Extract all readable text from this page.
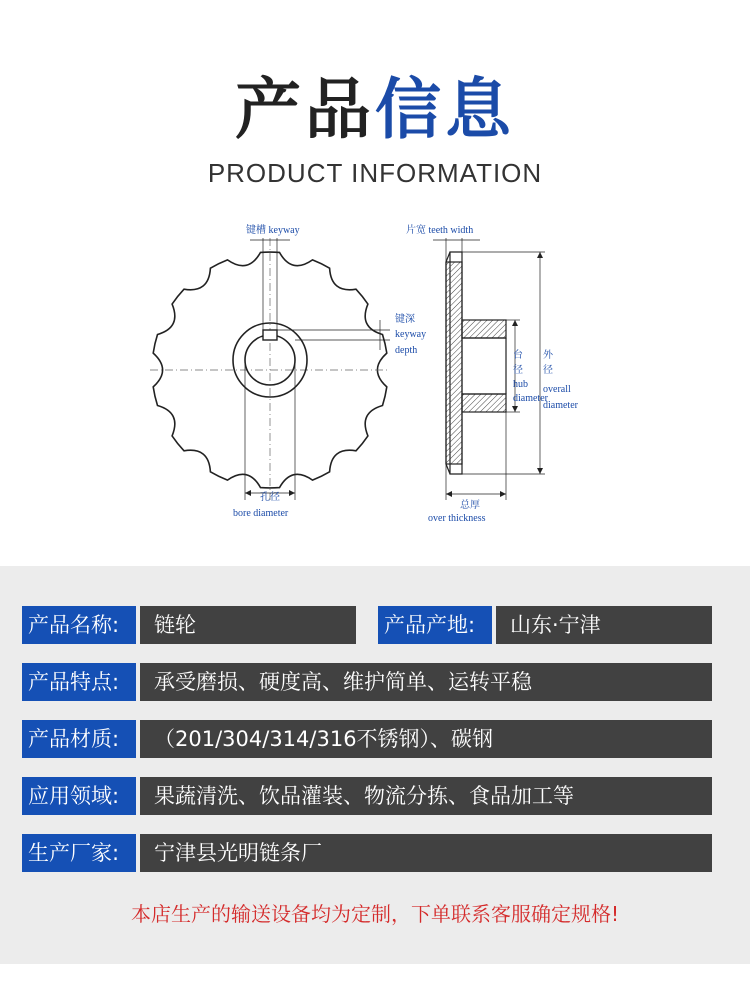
产品信息
PRODUCT INFORMATION
键槽 keyway
键深
keyway
depth
孔径
bore diameter
片宽 teeth width
台
径
hub
diameter
外
径
overall
diameter
总厚
over thickness
产品名称:	链轮	产品产地:	山东·宁津
产品特点:	承受磨损、硬度高、维护简单、运转平稳
产品材质:	（201/304/314/316不锈钢）、碳钢
应用领域:	果蔬清洗、饮品灌装、物流分拣、食品加工等
生产厂家:	宁津县光明链条厂
本店生产的输送设备均为定制，下单联系客服确定规格!
